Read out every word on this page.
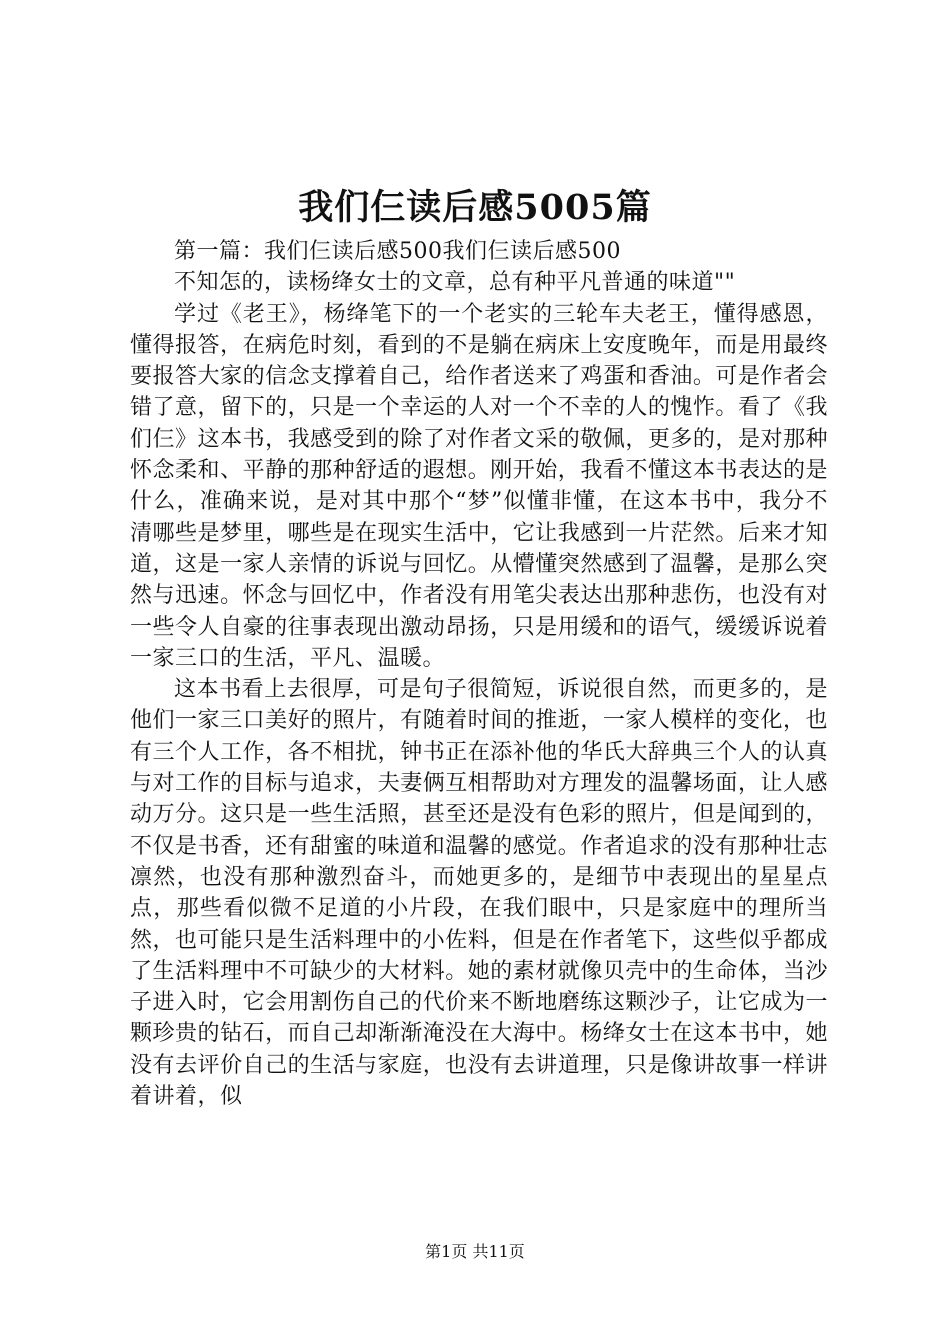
我们仨读后感5005篇

第一篇：我们仨读后感500我们仨读后感500

不知怎的，读杨绛女士的文章，总有种平凡普通的味道""

学过《老王》，杨绛笔下的一个老实的三轮车夫老王，懂得感恩，懂得报答，在病危时刻，看到的不是躺在病床上安度晚年，而是用最终要报答大家的信念支撑着自己，给作者送来了鸡蛋和香油。可是作者会错了意，留下的，只是一个幸运的人对一个不幸的人的愧怍。看了《我们仨》这本书，我感受到的除了对作者文采的敬佩，更多的，是对那种怀念柔和、平静的那种舒适的遐想。刚开始，我看不懂这本书表达的是什么，准确来说，是对其中那个“梦”似懂非懂，在这本书中，我分不清哪些是梦里，哪些是在现实生活中，它让我感到一片茫然。后来才知道，这是一家人亲情的诉说与回忆。从懵懂突然感到了温馨，是那么突然与迅速。怀念与回忆中，作者没有用笔尖表达出那种悲伤，也没有对一些令人自豪的往事表现出激动昂扬，只是用缓和的语气，缓缓诉说着一家三口的生活，平凡、温暖。

这本书看上去很厚，可是句子很简短，诉说很自然，而更多的，是他们一家三口美好的照片，有随着时间的推逝，一家人模样的变化，也有三个人工作，各不相扰，钟书正在添补他的华氏大辞典三个人的认真与对工作的目标与追求，夫妻俩互相帮助对方理发的温馨场面，让人感动万分。这只是一些生活照，甚至还是没有色彩的照片，但是闻到的，不仅是书香，还有甜蜜的味道和温馨的感觉。作者追求的没有那种壮志凛然，也没有那种激烈奋斗，而她更多的，是细节中表现出的星星点点，那些看似微不足道的小片段，在我们眼中，只是家庭中的理所当然，也可能只是生活料理中的小佐料，但是在作者笔下，这些似乎都成了生活料理中不可缺少的大材料。她的素材就像贝壳中的生命体，当沙子进入时，它会用割伤自己的代价来不断地磨练这颗沙子，让它成为一颗珍贵的钻石，而自己却渐渐淹没在大海中。杨绛女士在这本书中，她没有去评价自己的生活与家庭，也没有去讲道理，只是像讲故事一样讲着讲着，似

第1页 共11页
